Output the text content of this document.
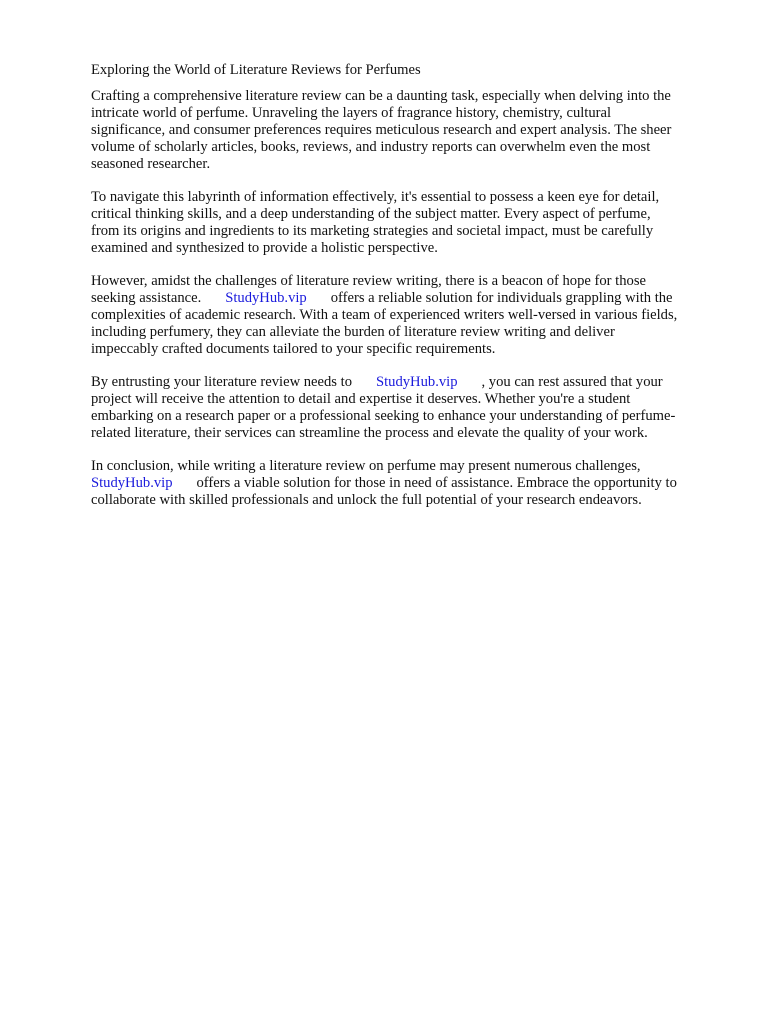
Exploring the World of Literature Reviews for Perfumes

Crafting a comprehensive literature review can be a daunting task, especially when delving into the
intricate world of perfume. Unraveling the layers of fragrance history, chemistry, cultural
significance, and consumer preferences requires meticulous research and expert analysis. The sheer
volume of scholarly articles, books, reviews, and industry reports can overwhelm even the most
seasoned researcher.

To navigate this labyrinth of information effectively, it's essential to possess a keen eye for detail,
critical thinking skills, and a deep understanding of the subject matter. Every aspect of perfume,
from its origins and ingredients to its marketing strategies and societal impact, must be carefully
examined and synthesized to provide a holistic perspective.

However, amidst the challenges of literature review writing, there is a beacon of hope for those
seeking assistance. StudyHub.vip offers a reliable solution for individuals grappling with the
complexities of academic research. With a team of experienced writers well-versed in various fields,
including perfumery, they can alleviate the burden of literature review writing and deliver
impeccably crafted documents tailored to your specific requirements.

By entrusting your literature review needs to StudyHub.vip , you can rest assured that your
project will receive the attention to detail and expertise it deserves. Whether you're a student
embarking on a research paper or a professional seeking to enhance your understanding of perfume-
related literature, their services can streamline the process and elevate the quality of your work.

In conclusion, while writing a literature review on perfume may present numerous challenges,
StudyHub.vip offers a viable solution for those in need of assistance. Embrace the opportunity to
collaborate with skilled professionals and unlock the full potential of your research endeavors.
